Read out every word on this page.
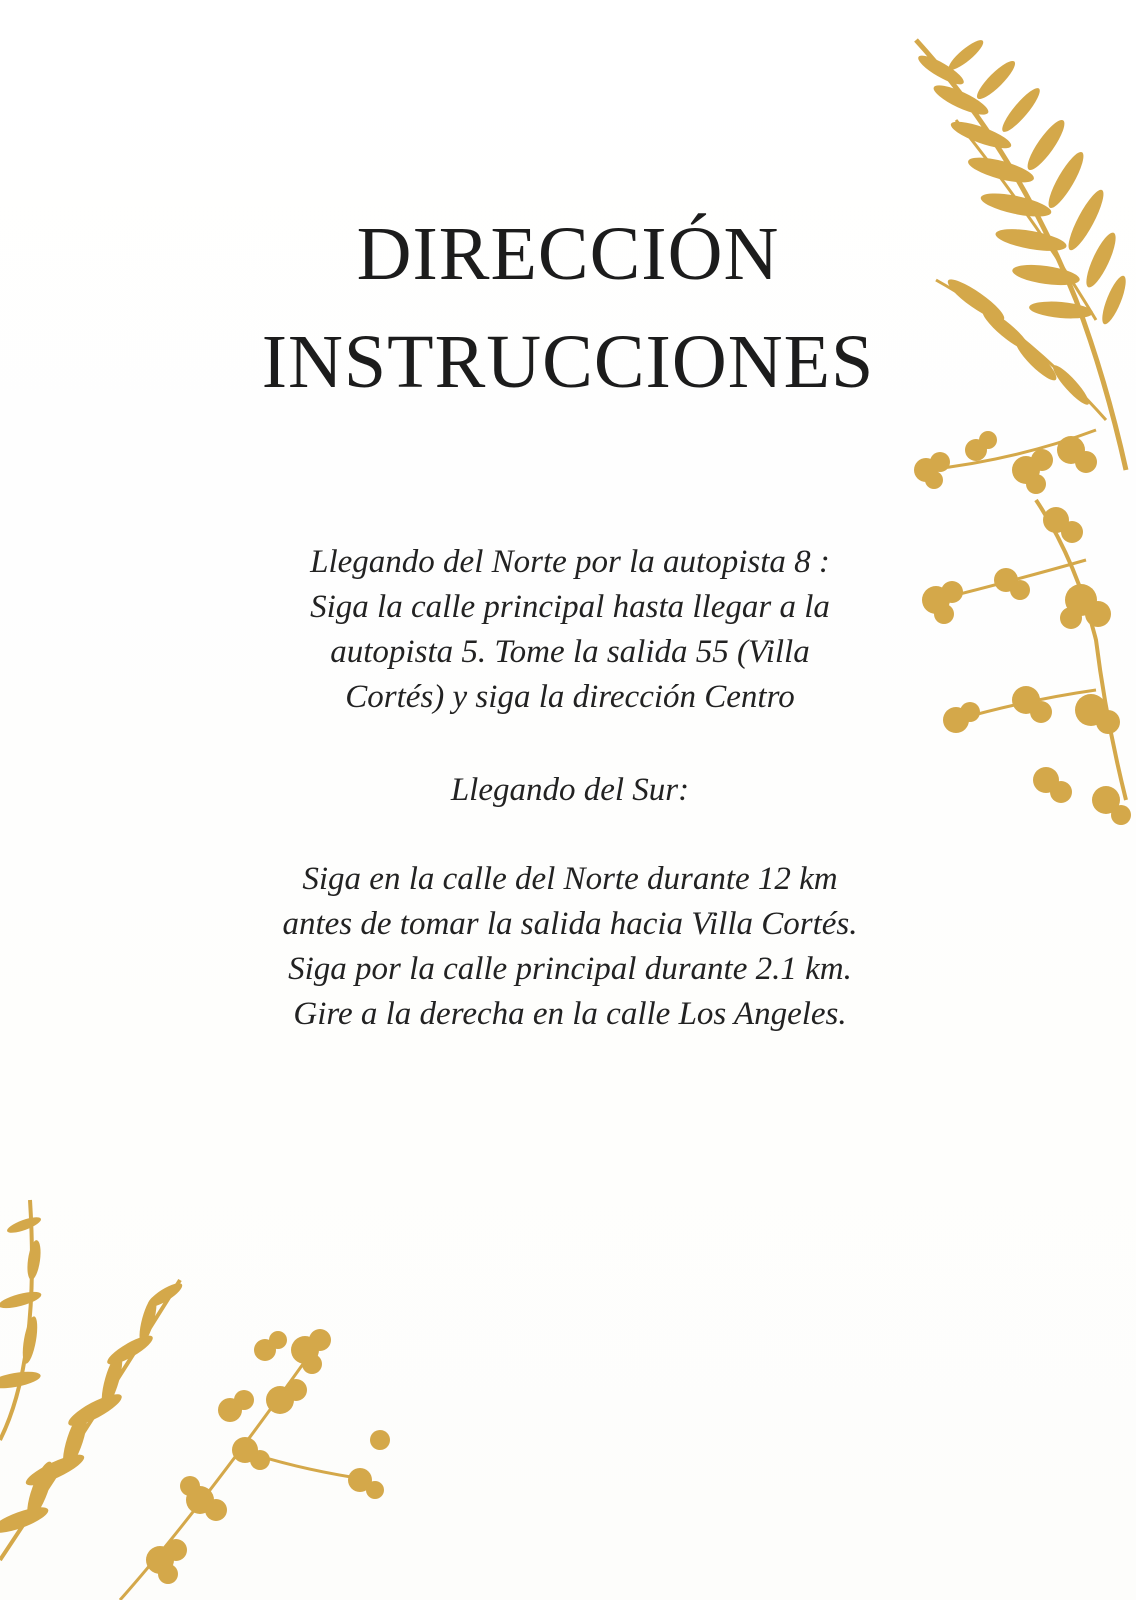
DIRECCIÓN
INSTRUCCIONES

Llegando del Norte por la autopista 8 :
Siga la calle principal hasta llegar a la
autopista 5. Tome la salida 55 (Villa
Cortés) y siga la dirección Centro

Llegando del Sur:

Siga en la calle del Norte durante 12 km
antes de tomar la salida hacia Villa Cortés.
Siga por la calle principal durante 2.1 km.
Gire a la derecha en la calle Los Angeles.
